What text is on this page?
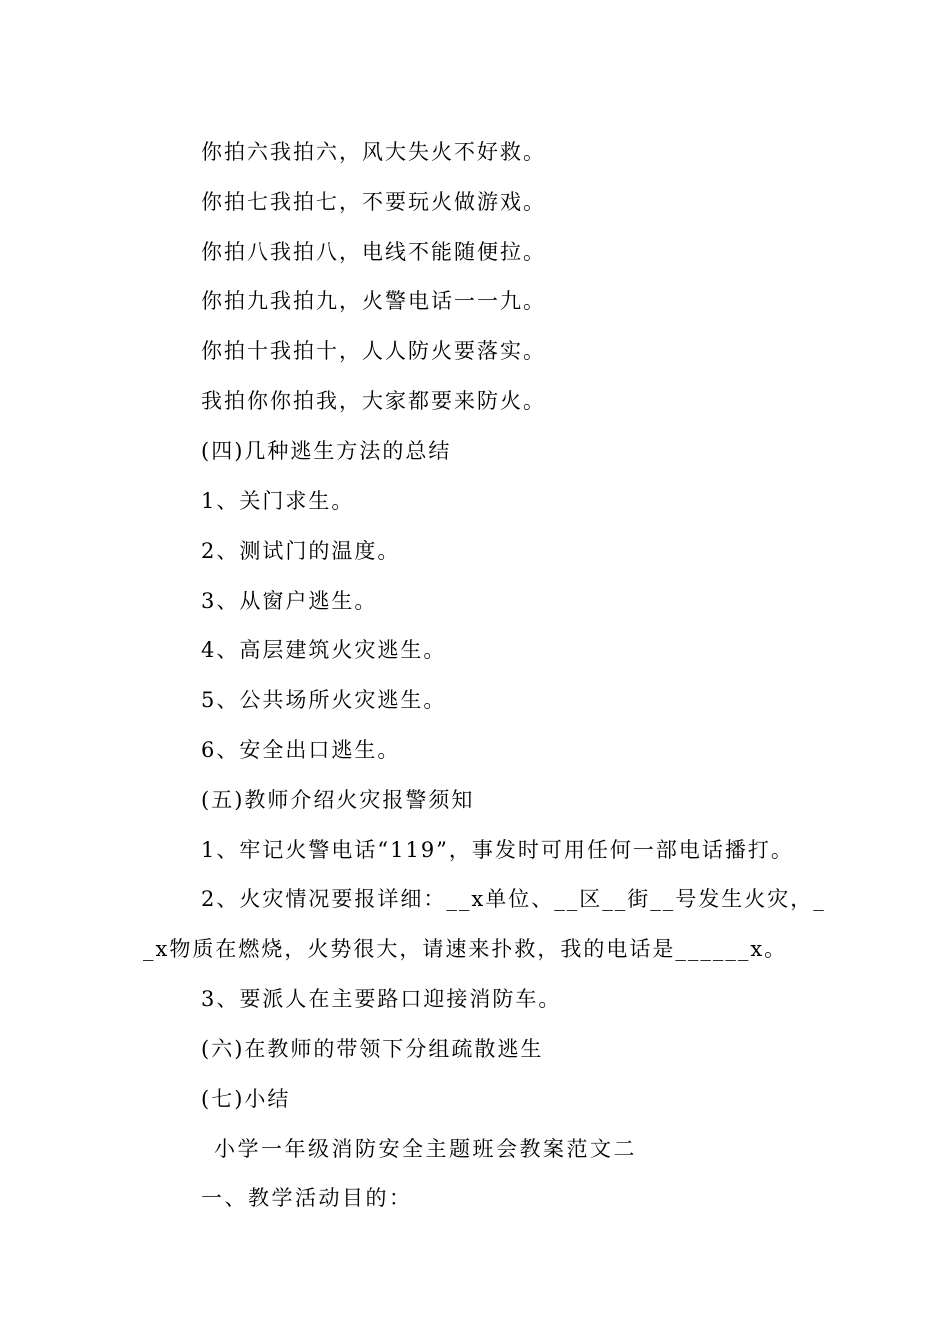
你拍六我拍六，风大失火不好救。
你拍七我拍七，不要玩火做游戏。
你拍八我拍八，电线不能随便拉。
你拍九我拍九，火警电话一一九。
你拍十我拍十，人人防火要落实。
我拍你你拍我，大家都要来防火。
(四)几种逃生方法的总结
1、关门求生。
2、测试门的温度。
3、从窗户逃生。
4、高层建筑火灾逃生。
5、公共场所火灾逃生。
6、安全出口逃生。
(五)教师介绍火灾报警须知
1、牢记火警电话“119”，事发时可用任何一部电话播打。
2、火灾情况要报详细：__x单位、__区__街__号发生火灾，_
_x物质在燃烧，火势很大，请速来扑救，我的电话是______x。
3、要派人在主要路口迎接消防车。
(六)在教师的带领下分组疏散逃生
(七)小结
小学一年级消防安全主题班会教案范文二
一、教学活动目的：
